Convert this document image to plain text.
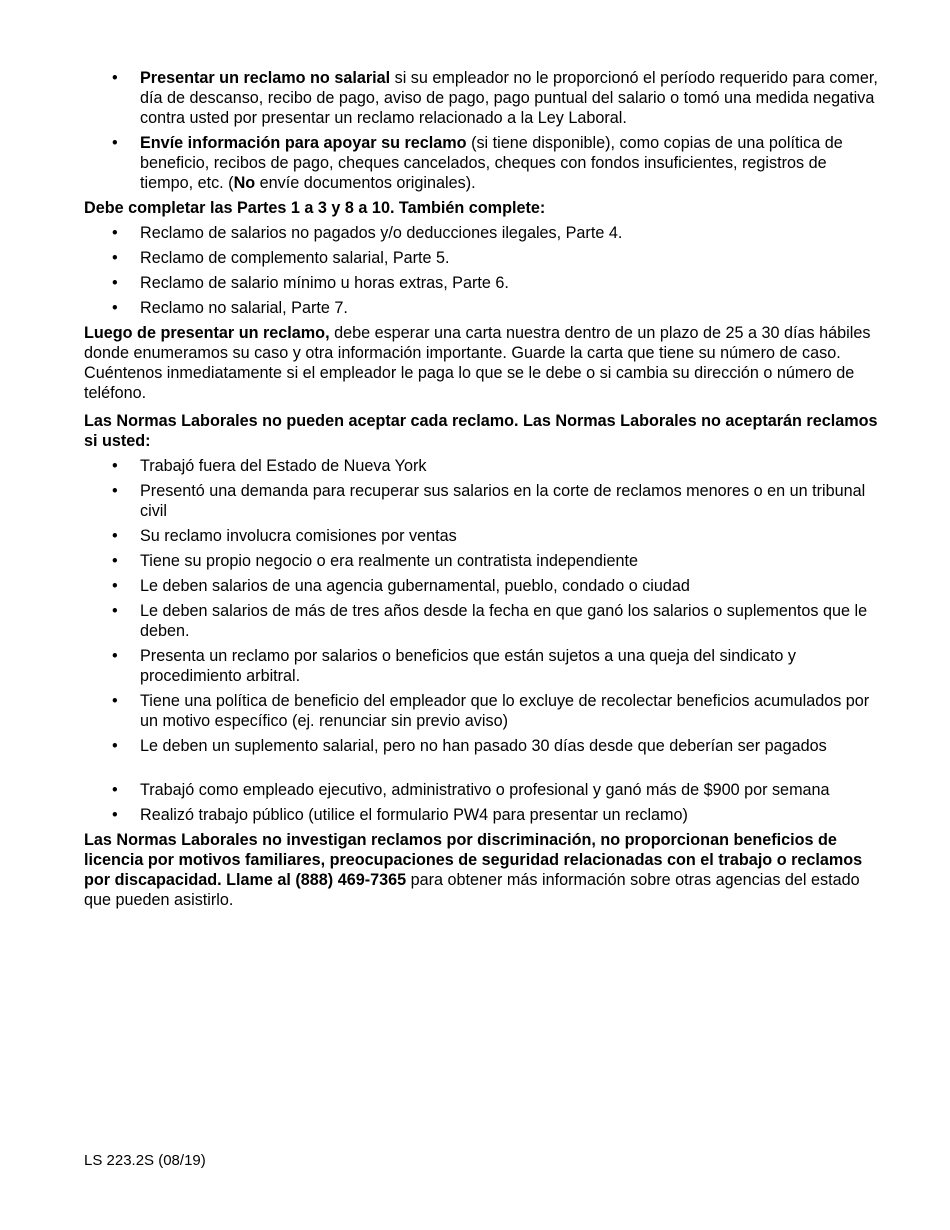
• Presentar un reclamo no salarial si su empleador no le proporcionó el período requerido para comer, día de descanso, recibo de pago, aviso de pago, pago puntual del salario o tomó una medida negativa contra usted por presentar un reclamo relacionado a la Ley Laboral.
• Envíe información para apoyar su reclamo (si tiene disponible), como copias de una política de beneficio, recibos de pago, cheques cancelados, cheques con fondos insuficientes, registros de tiempo, etc. (No envíe documentos originales).

Debe completar las Partes 1 a 3 y 8 a 10. También complete:

• Reclamo de salarios no pagados y/o deducciones ilegales, Parte 4.
• Reclamo de complemento salarial, Parte 5.
• Reclamo de salario mínimo u horas extras, Parte 6.
• Reclamo no salarial, Parte 7.

Luego de presentar un reclamo, debe esperar una carta nuestra dentro de un plazo de 25 a 30 días hábiles donde enumeramos su caso y otra información importante. Guarde la carta que tiene su número de caso. Cuéntenos inmediatamente si el empleador le paga lo que se le debe o si cambia su dirección o número de teléfono.

Las Normas Laborales no pueden aceptar cada reclamo. Las Normas Laborales no aceptarán reclamos si usted:

• Trabajó fuera del Estado de Nueva York
• Presentó una demanda para recuperar sus salarios en la corte de reclamos menores o en un tribunal civil
• Su reclamo involucra comisiones por ventas
• Tiene su propio negocio o era realmente un contratista independiente
• Le deben salarios de una agencia gubernamental, pueblo, condado o ciudad
• Le deben salarios de más de tres años desde la fecha en que ganó los salarios o suplementos que le deben.
• Presenta un reclamo por salarios o beneficios que están sujetos a una queja del sindicato y procedimiento arbitral.
• Tiene una política de beneficio del empleador que lo excluye de recolectar beneficios acumulados por un motivo específico (ej. renunciar sin previo aviso)
• Le deben un suplemento salarial, pero no han pasado 30 días desde que deberían ser pagados
• Trabajó como empleado ejecutivo, administrativo o profesional y ganó más de $900 por semana
• Realizó trabajo público (utilice el formulario PW4 para presentar un reclamo)

Las Normas Laborales no investigan reclamos por discriminación, no proporcionan beneficios de licencia por motivos familiares, preocupaciones de seguridad relacionadas con el trabajo o reclamos por discapacidad. Llame al (888) 469-7365 para obtener más información sobre otras agencias del estado que pueden asistirlo.

LS 223.2S (08/19)
